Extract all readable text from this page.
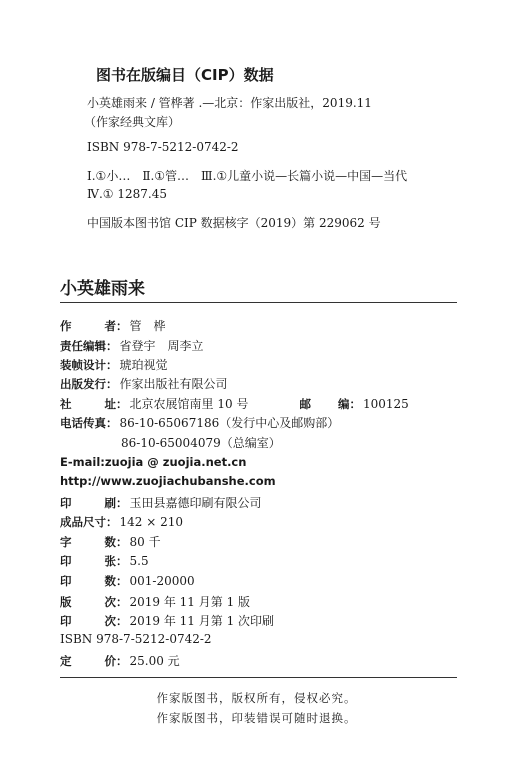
图书在版编目（CIP）数据
小英雄雨来 / 管桦著 .—北京：作家出版社，2019.11
（作家经典文库）
ISBN 978-7-5212-0742-2
Ⅰ.①小…　Ⅱ.①管…　Ⅲ.①儿童小说—长篇小说—中国—当代
Ⅳ.① 1287.45
中国版本图书馆 CIP 数据核字（2019）第 229062 号
小英雄雨来
作	者 ： 管　桦
责任编辑 ： 省登宇　周李立
装帧设计 ： 琥珀视觉
出版发行 ： 作家出版社有限公司
社	址 ： 北京农展馆南里 10 号	邮 编 ： 100125
电话传真 ： 86-10-65067186（发行中心及邮购部）
86-10-65004079（总编室）
E-mail:zuojia @ zuojia.net.cn
http://www.zuojiachubanshe.com
印	刷 ： 玉田县嘉德印刷有限公司
成品尺寸 ： 142 × 210
字	数 ： 80 千
印	张 ： 5.5
印	数 ： 001-20000
版	次 ： 2019 年 11 月第 1 版
印	次 ： 2019 年 11 月第 1 次印刷
ISBN 978-7-5212-0742-2
定	价 ： 25.00 元
作家版图书，版权所有，侵权必究。
作家版图书，印装错误可随时退换。
